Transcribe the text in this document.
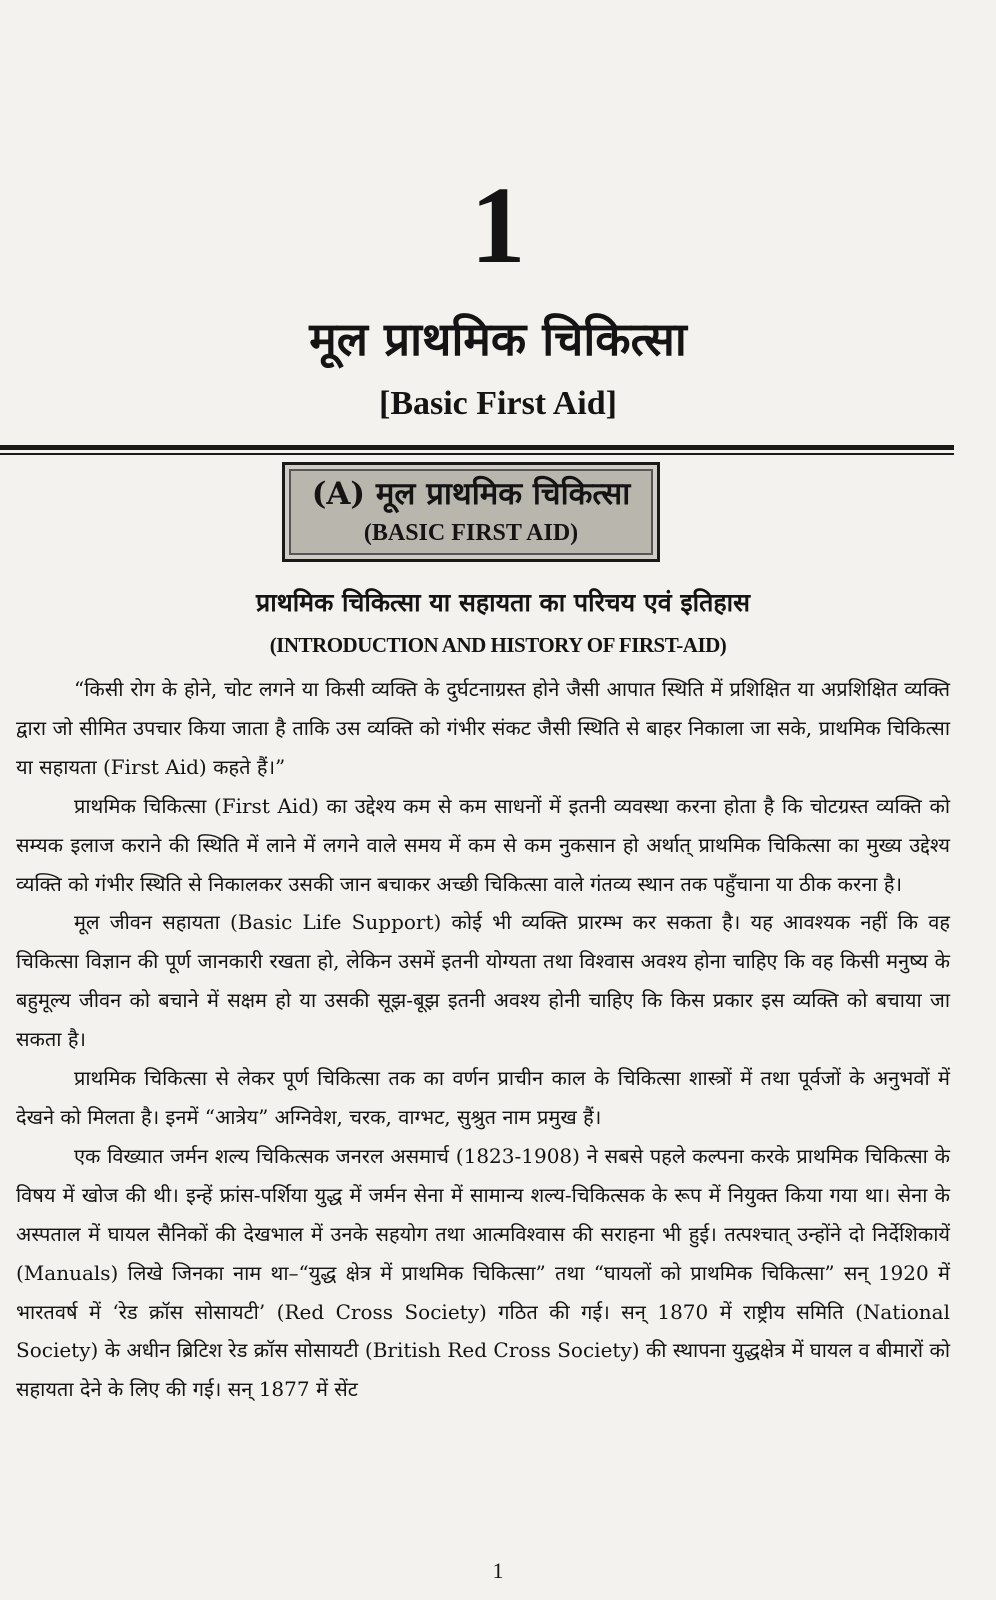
1
मूल प्राथमिक चिकित्सा
[Basic First Aid]
(A) मूल प्राथमिक चिकित्सा
(BASIC FIRST AID)
प्राथमिक चिकित्सा या सहायता का परिचय एवं इतिहास
(INTRODUCTION AND HISTORY OF FIRST-AID)

“किसी रोग के होने, चोट लगने या किसी व्यक्ति के दुर्घटनाग्रस्त होने जैसी आपात स्थिति में प्रशिक्षित या अप्रशिक्षित व्यक्ति द्वारा जो सीमित उपचार किया जाता है ताकि उस व्यक्ति को गंभीर संकट जैसी स्थिति से बाहर निकाला जा सके, प्राथमिक चिकित्सा या सहायता (First Aid) कहते हैं।”

प्राथमिक चिकित्सा (First Aid) का उद्देश्य कम से कम साधनों में इतनी व्यवस्था करना होता है कि चोटग्रस्त व्यक्ति को सम्यक इलाज कराने की स्थिति में लाने में लगने वाले समय में कम से कम नुकसान हो अर्थात् प्राथमिक चिकित्सा का मुख्य उद्देश्य व्यक्ति को गंभीर स्थिति से निकालकर उसकी जान बचाकर अच्छी चिकित्सा वाले गंतव्य स्थान तक पहुँचाना या ठीक करना है।

मूल जीवन सहायता (Basic Life Support) कोई भी व्यक्ति प्रारम्भ कर सकता है। यह आवश्यक नहीं कि वह चिकित्सा विज्ञान की पूर्ण जानकारी रखता हो, लेकिन उसमें इतनी योग्यता तथा विश्वास अवश्य होना चाहिए कि वह किसी मनुष्य के बहुमूल्य जीवन को बचाने में सक्षम हो या उसकी सूझ-बूझ इतनी अवश्य होनी चाहिए कि किस प्रकार इस व्यक्ति को बचाया जा सकता है।

प्राथमिक चिकित्सा से लेकर पूर्ण चिकित्सा तक का वर्णन प्राचीन काल के चिकित्सा शास्त्रों में तथा पूर्वजों के अनुभवों में देखने को मिलता है। इनमें “आत्रेय” अग्निवेश, चरक, वाग्भट, सुश्रुत नाम प्रमुख हैं।

एक विख्यात जर्मन शल्य चिकित्सक जनरल असमार्च (1823-1908) ने सबसे पहले कल्पना करके प्राथमिक चिकित्सा के विषय में खोज की थी। इन्हें फ्रांस-पर्शिया युद्ध में जर्मन सेना में सामान्य शल्य-चिकित्सक के रूप में नियुक्त किया गया था। सेना के अस्पताल में घायल सैनिकों की देखभाल में उनके सहयोग तथा आत्मविश्वास की सराहना भी हुई। तत्पश्चात् उन्होंने दो निर्देशिकायें (Manuals) लिखे जिनका नाम था–“युद्ध क्षेत्र में प्राथमिक चिकित्सा” तथा “घायलों को प्राथमिक चिकित्सा” सन् 1920 में भारतवर्ष में ‘रेड क्रॉस सोसायटी’ (Red Cross Society) गठित की गई। सन् 1870 में राष्ट्रीय समिति (National Society) के अधीन ब्रिटिश रेड क्रॉस सोसायटी (British Red Cross Society) की स्थापना युद्धक्षेत्र में घायल व बीमारों को सहायता देने के लिए की गई। सन् 1877 में सेंट

1
